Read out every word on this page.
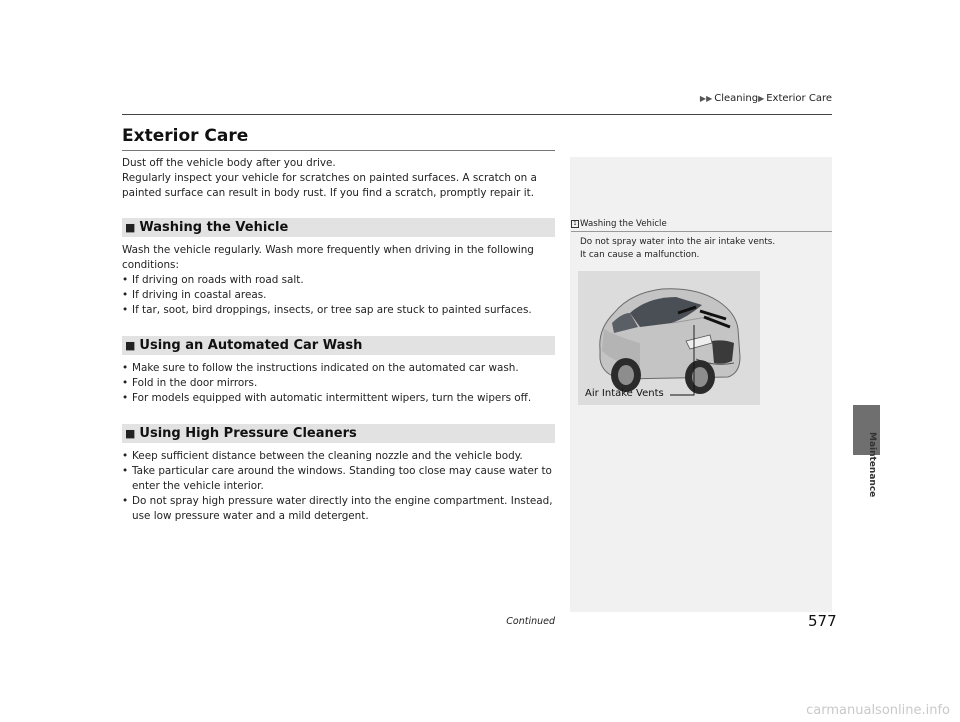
▶▶ Cleaning▶ Exterior Care
Exterior Care

Dust off the vehicle body after you drive.
Regularly inspect your vehicle for scratches on painted surfaces. A scratch on a
painted surface can result in body rust. If you find a scratch, promptly repair it.

■ Washing the Vehicle

Wash the vehicle regularly. Wash more frequently when driving in the following
conditions:

• If driving on roads with road salt.
• If driving in coastal areas.
• If tar, soot, bird droppings, insects, or tree sap are stuck to painted surfaces.
■ Using an Automated Car Wash
• Make sure to follow the instructions indicated on the automated car wash.
• Fold in the door mirrors.
• For models equipped with automatic intermittent wipers, turn the wipers off.
■ Using High Pressure Cleaners
• Keep sufficient distance between the cleaning nozzle and the vehicle body.
• Take particular care around the windows. Standing too close may cause water to enter the vehicle interior.
• Do not spray high pressure water directly into the engine compartment. Instead, use low pressure water and a mild detergent.
1 Washing the Vehicle

Do not spray water into the air intake vents.
It can cause a malfunction.

Air Intake Vents
Continued	577
Maintenance
carmanualsonline.info
